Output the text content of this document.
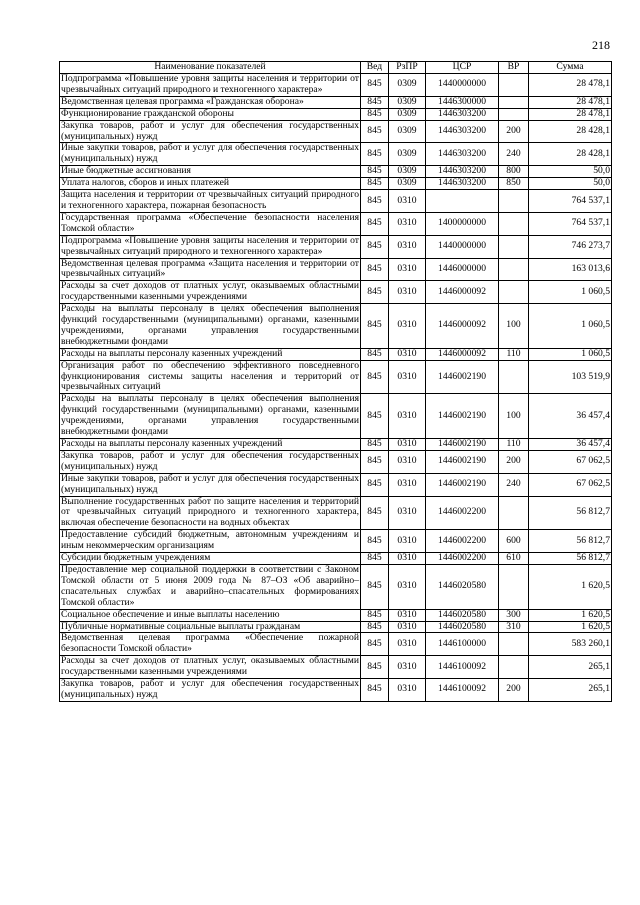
218
Наименование показателей	Вед	РзПР	ЦСР	ВР	Сумма
Подпрограмма «Повышение уровня защиты населения и территории от чрезвычайных ситуаций природного и техногенного характера»	845	0309	1440000000		28 478,1
Ведомственная целевая программа «Гражданская оборона»	845	0309	1446300000		28 478,1
Функционирование гражданской обороны	845	0309	1446303200		28 478,1
Закупка товаров, работ и услуг для обеспечения государственных (муниципальных) нужд	845	0309	1446303200	200	28 428,1
Иные закупки товаров, работ и услуг для обеспечения государственных (муниципальных) нужд	845	0309	1446303200	240	28 428,1
Иные бюджетные ассигнования	845	0309	1446303200	800	50,0
Уплата налогов, сборов и иных платежей	845	0309	1446303200	850	50,0
Защита населения и территории от чрезвычайных ситуаций природного и техногенного характера, пожарная безопасность	845	0310			764 537,1
Государственная программа «Обеспечение безопасности населения Томской области»	845	0310	1400000000		764 537,1
Подпрограмма «Повышение уровня защиты населения и территории от чрезвычайных ситуаций природного и техногенного характера»	845	0310	1440000000		746 273,7
Ведомственная целевая программа «Защита населения и территории от чрезвычайных ситуаций»	845	0310	1446000000		163 013,6
Расходы за счет доходов от платных услуг, оказываемых областными государственными казенными учреждениями	845	0310	1446000092		1 060,5
Расходы на выплаты персоналу в целях обеспечения выполнения функций государственными (муниципальными) органами, казенными учреждениями, органами управления государственными внебюджетными фондами	845	0310	1446000092	100	1 060,5
Расходы на выплаты персоналу казенных учреждений	845	0310	1446000092	110	1 060,5
Организация работ по обеспечению эффективного повседневного функционирования системы защиты населения и территорий от чрезвычайных ситуаций	845	0310	1446002190		103 519,9
Расходы на выплаты персоналу в целях обеспечения выполнения функций государственными (муниципальными) органами, казенными учреждениями, органами управления государственными внебюджетными фондами	845	0310	1446002190	100	36 457,4
Расходы на выплаты персоналу казенных учреждений	845	0310	1446002190	110	36 457,4
Закупка товаров, работ и услуг для обеспечения государственных (муниципальных) нужд	845	0310	1446002190	200	67 062,5
Иные закупки товаров, работ и услуг для обеспечения государственных (муниципальных) нужд	845	0310	1446002190	240	67 062,5
Выполнение государственных работ по защите населения и территорий от чрезвычайных ситуаций природного и техногенного характера, включая обеспечение безопасности на водных объектах	845	0310	1446002200		56 812,7
Предоставление субсидий бюджетным, автономным учреждениям и иным некоммерческим организациям	845	0310	1446002200	600	56 812,7
Субсидии бюджетным учреждениям	845	0310	1446002200	610	56 812,7
Предоставление мер социальной поддержки в соответствии с Законом Томской области от 5 июня 2009 года № 87–ОЗ «Об аварийно–спасательных службах и аварийно–спасательных формированиях Томской области»	845	0310	1446020580		1 620,5
Социальное обеспечение и иные выплаты населению	845	0310	1446020580	300	1 620,5
Публичные нормативные социальные выплаты гражданам	845	0310	1446020580	310	1 620,5
Ведомственная целевая программа «Обеспечение пожарной безопасности Томской области»	845	0310	1446100000		583 260,1
Расходы за счет доходов от платных услуг, оказываемых областными государственными казенными учреждениями	845	0310	1446100092		265,1
Закупка товаров, работ и услуг для обеспечения государственных (муниципальных) нужд	845	0310	1446100092	200	265,1
